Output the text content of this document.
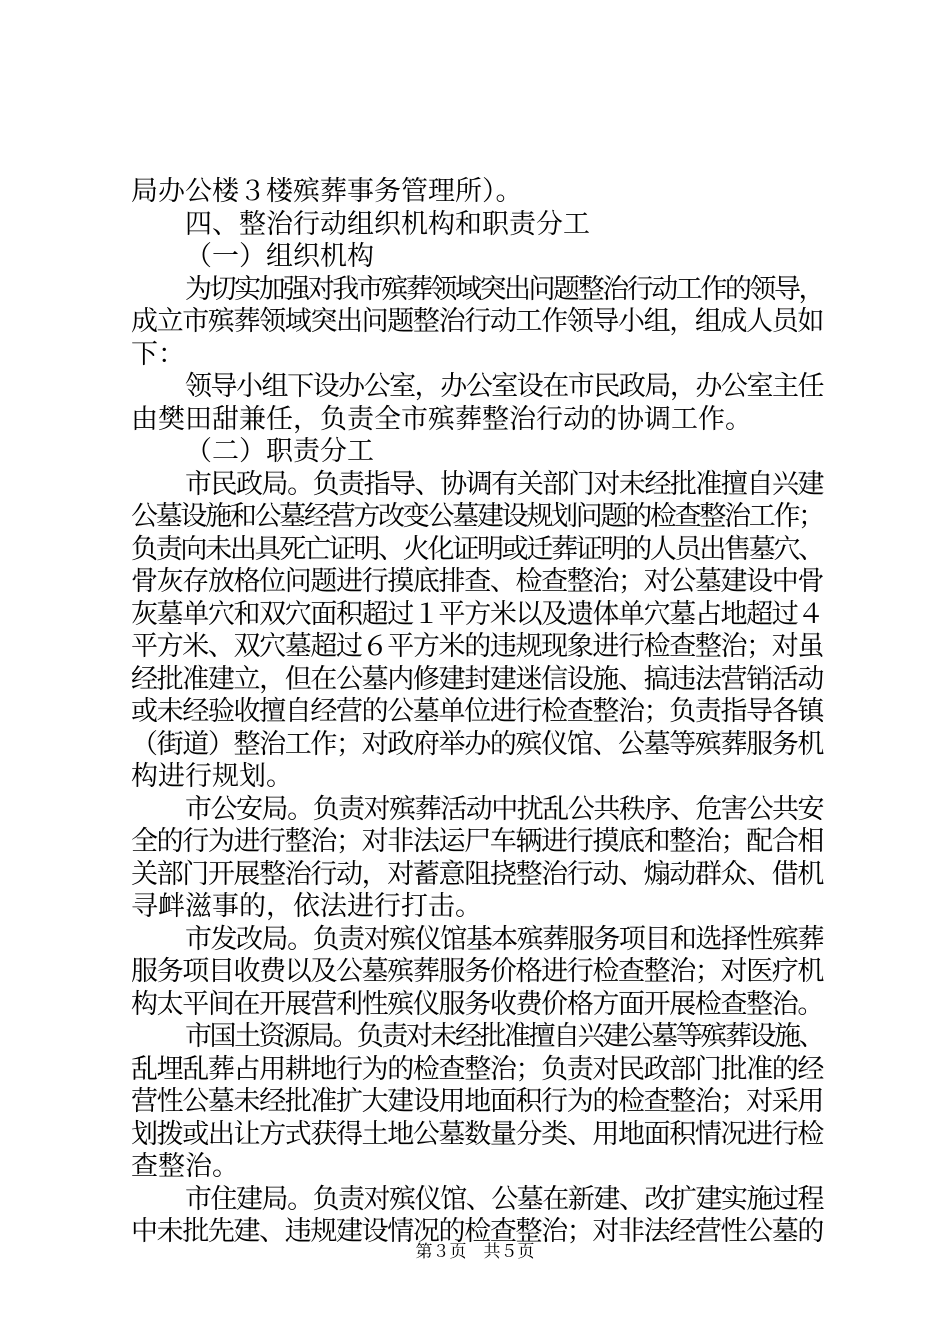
局办公楼３楼殡葬事务管理所）。
四、整治行动组织机构和职责分工
（一）组织机构
为切实加强对我市殡葬领域突出问题整治行动工作的领导，
成立市殡葬领域突出问题整治行动工作领导小组，组成人员如
下：
领导小组下设办公室，办公室设在市民政局，办公室主任
由樊田甜兼任，负责全市殡葬整治行动的协调工作。
（二）职责分工
市民政局。负责指导、协调有关部门对未经批准擅自兴建
公墓设施和公墓经营方改变公墓建设规划问题的检查整治工作；
负责向未出具死亡证明、火化证明或迁葬证明的人员出售墓穴、
骨灰存放格位问题进行摸底排查、检查整治；对公墓建设中骨
灰墓单穴和双穴面积超过１平方米以及遗体单穴墓占地超过４
平方米、双穴墓超过６平方米的违规现象进行检查整治；对虽
经批准建立，但在公墓内修建封建迷信设施、搞违法营销活动
或未经验收擅自经营的公墓单位进行检查整治；负责指导各镇
（街道）整治工作；对政府举办的殡仪馆、公墓等殡葬服务机
构进行规划。
市公安局。负责对殡葬活动中扰乱公共秩序、危害公共安
全的行为进行整治；对非法运尸车辆进行摸底和整治；配合相
关部门开展整治行动，对蓄意阻挠整治行动、煽动群众、借机
寻衅滋事的，依法进行打击。
市发改局。负责对殡仪馆基本殡葬服务项目和选择性殡葬
服务项目收费以及公墓殡葬服务价格进行检查整治；对医疗机
构太平间在开展营利性殡仪服务收费价格方面开展检查整治。
市国土资源局。负责对未经批准擅自兴建公墓等殡葬设施、
乱埋乱葬占用耕地行为的检查整治；负责对民政部门批准的经
营性公墓未经批准扩大建设用地面积行为的检查整治；对采用
划拨或出让方式获得土地公墓数量分类、用地面积情况进行检
查整治。
市住建局。负责对殡仪馆、公墓在新建、改扩建实施过程
中未批先建、违规建设情况的检查整治；对非法经营性公墓的
第３页　共５页
